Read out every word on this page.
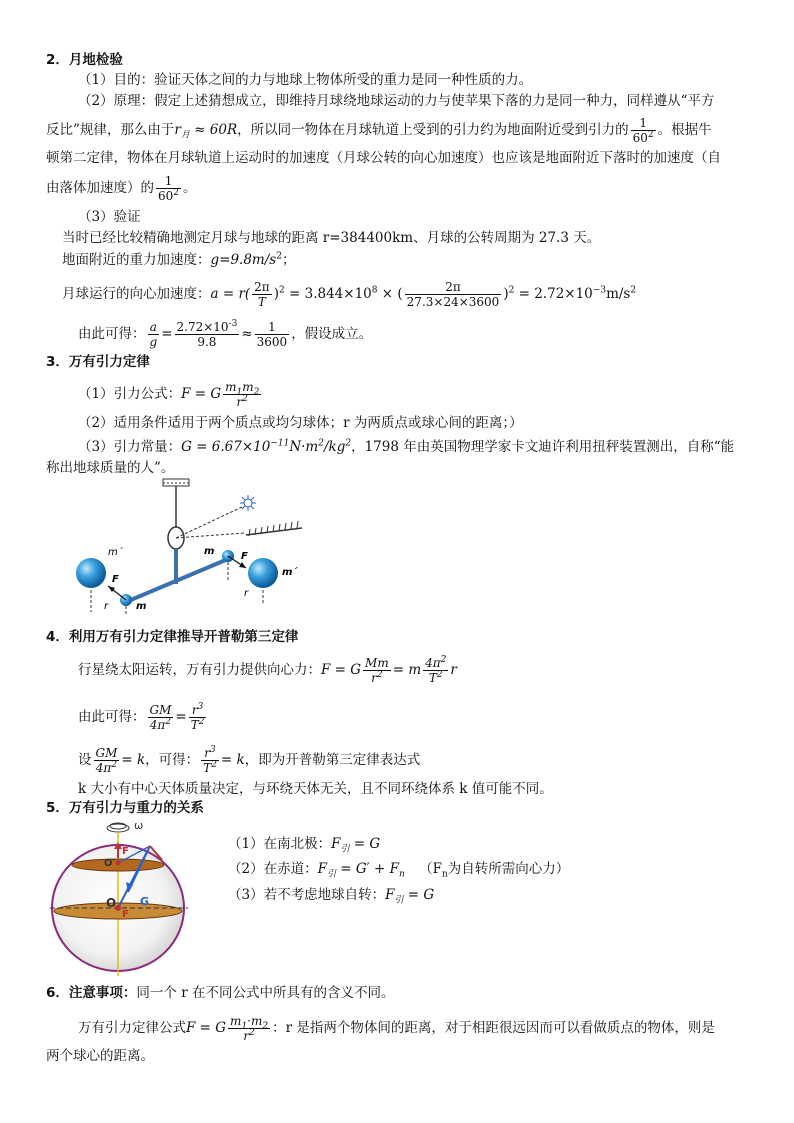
2．月地检验
（1）目的：验证天体之间的力与地球上物体所受的重力是同一种性质的力。
（2）原理：假定上述猜想成立，即维持月球绕地球运动的力与使苹果下落的力是同一种力，同样遵从“平方
反比”规律，那么由于$r_月 \approx 60R$，所以同一物体在月球轨道上受到的引力约为地面附近受到引力的 $\frac{1}{60^2}$ 。根据牛
顿第二定律，物体在月球轨道上运动时的加速度（月球公转的向心加速度）也应该是地面附近下落时的加速度（自
由落体加速度）的 $\frac{1}{60^2}$ 。
（3）验证
当时已经比较精确地测定月球与地球的距离 r=384400km、月球的公转周期为 27.3 天。
地面附近的重力加速度：$g=9.8m/s^2$；
月球运行的向心加速度：$a = r( \frac{2\pi}{T} )^2 = 3.844\times 10^8$ × ( $\frac{2\pi}{27.3\times 24\times 3600} )^2 = 2.72\times 10^{-3}m/s^2$
由此可得： $\frac{a}{g} = \frac{2.72\times 10^{-3}}{9.8} \approx \frac{1}{3600}$ ，假设成立。
3．万有引力定律
（1）引力公式：F = G $\frac{m_1m_2}{r^2}$
（2）适用条件适用于两个质点或均匀球体；r 为两质点或球心间的距离；）
（3）引力常量：$G = 6.67\times 10^{-11}N\cdot m^2/kg^2$，1798 年由英国物理学家卡文迪许利用扭秤装置测出，自称“能
称出地球质量的人”。
m´
m´
m
m
F
F
r
r
4．利用万有引力定律推导开普勒第三定律
行星绕太阳运转，万有引力提供向心力：F = G $\frac{Mm}{r^2} = m \frac{4\pi^2}{T^2}$ r
由此可得： $\frac{GM}{4\pi^2} = \frac{r^3}{T^2}$
设 $\frac{GM}{4\pi^2} = k$，可得： $\frac{r^3}{T^2} = k$，即为开普勒第三定律表达式
k 大小有中心天体质量决定，与环绕天体无关，且不同环绕体系 k 值可能不同。
5．万有引力与重力的关系
ω
O′
O
F
G
F
（1）在南北极：$F_引 = G$
（2）在赤道：$F_引 = G' + F_n$ （$F_n$为自转所需向心力）
（3）若不考虑地球自转：$F_引 = G$
6．注意事项：同一个 r 在不同公式中所具有的含义不同。
万有引力定律公式F = G $\frac{m_1\cdot m_2}{r^2}$ ：r 是指两个物体间的距离，对于相距很远因而可以看做质点的物体，则是
两个球心的距离。
